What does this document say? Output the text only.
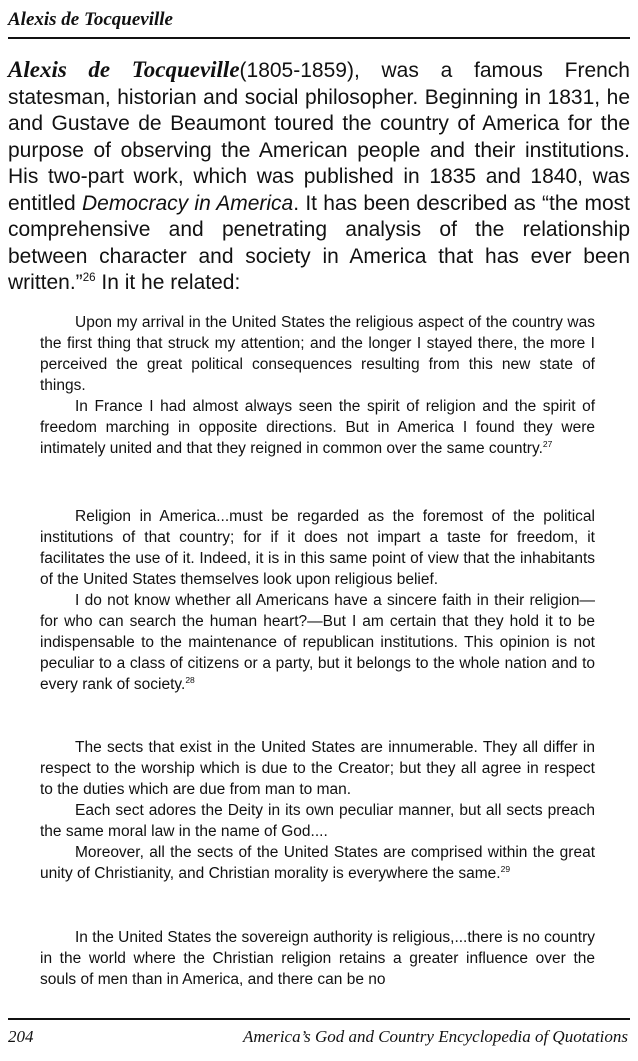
Alexis de Tocqueville

Alexis de Tocqueville(1805-1859), was a famous French statesman, historian and social philosopher. Beginning in 1831, he and Gustave de Beaumont toured the country of America for the purpose of observing the American people and their institutions. His two-part work, which was published in 1835 and 1840, was entitled Democracy in America. It has been described as “the most comprehensive and penetrating analysis of the relationship between character and society in America that has ever been written.”$^{26}$ In it he related:

Upon my arrival in the United States the religious aspect of the country was the first thing that struck my attention; and the longer I stayed there, the more I perceived the great political consequences resulting from this new state of things.

In France I had almost always seen the spirit of religion and the spirit of freedom marching in opposite directions. But in America I found they were intimately united and that they reigned in common over the same country.$^{27}$

Religion in America...must be regarded as the foremost of the political institutions of that country; for if it does not impart a taste for freedom, it facilitates the use of it. Indeed, it is in this same point of view that the inhabitants of the United States themselves look upon religious belief.

I do not know whether all Americans have a sincere faith in their religion—for who can search the human heart?—But I am certain that they hold it to be indispensable to the maintenance of republican institutions. This opinion is not peculiar to a class of citizens or a party, but it belongs to the whole nation and to every rank of society.$^{28}$

The sects that exist in the United States are innumerable. They all differ in respect to the worship which is due to the Creator; but they all agree in respect to the duties which are due from man to man.

Each sect adores the Deity in its own peculiar manner, but all sects preach the same moral law in the name of God....

Moreover, all the sects of the United States are comprised within the great unity of Christianity, and Christian morality is everywhere the same.$^{29}$

In the United States the sovereign authority is religious,...there is no country in the world where the Christian religion retains a greater influence over the souls of men than in America, and there can be no

204	America’s God and Country Encyclopedia of Quotations
